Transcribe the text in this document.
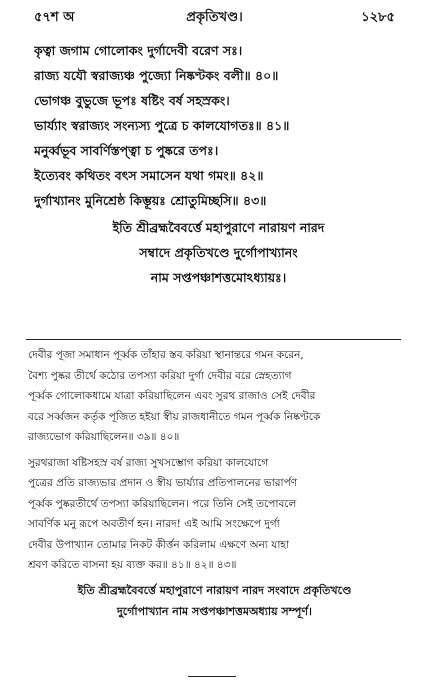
৫৭শ অ	প্রকৃতিখণ্ড।	১২৮৫
কৃত্বা জগাম গোলোকং দুর্গাদেবী বরেণ সঃ।
রাজ্য যযৌ স্বরাজ্যঞ্চ পুজ্যো নিষ্কণ্টকং বলী॥ ৪০॥
ভোগঞ্চ বুভুজে ভূপঃ ষষ্টিং বর্ষ সহস্রকং।
ভার্য্যাং স্বরাজ্যং সংন্যস্য পুত্রে চ কালযোগতঃ॥ ৪১॥
মনুর্ব্বভূব সাবর্ণিস্তপ্ত্বা চ পুষ্করে তপঃ।
ইত্যেবং কথিতং বৎস সমাসেন যথা গমং॥ ৪২॥
দুর্গাখ্যানং মুনিশ্রেষ্ঠ কিম্ভূয়ঃ শ্রোতুমিচ্ছসি॥ ৪৩॥
ইতি শ্রীব্রহ্মবৈবর্ত্তে মহাপুরাণে নারায়ণ নারদ
সম্বাদে প্রকৃতিখণ্ডে দুর্গোপাখ্যানং
নাম সপ্তপঞ্চাশত্তমোঽধ্যায়ঃ।
দেবীর পূজা সমাধান পূর্ব্বক তাঁহার স্তব করিয়া স্থানান্তরে গমন করেন,
বৈশ্য পুষ্কর তীর্থে কঠোর তপস্যা করিয়া দুর্গা দেবীর বরে স্নেহত্যাগ
পূর্ব্বক গোলোকধামে যাত্রা করিয়াছিলেন এবং সুরথ রাজাও সেই দেবীর
বরে সর্ব্বজন কর্তৃক পূজিত হইয়া স্বীয় রাজধানীতে গমন পূর্ব্বক নিষ্কণ্টকে
রাজ্যভোগ করিয়াছিলেন॥ ৩৯॥ ৪০॥
সুরথরাজা ষষ্টিসহস্র বর্ষ রাজ্য সুখসম্ভোগ করিয়া কালযোগে
পুত্রের প্রতি রাজ্যভার প্রদান ও স্বীয় ভার্য্যার প্রতিপালনের ভারার্পণ
পূর্ব্বক পুষ্করতীর্থে তপস্যা করিয়াছিলেন। পরে তিনি সেই তপোবলে
সাবর্ণিক মনু রূপে অবতীর্ণ হন। নারদ! এই আমি সংক্ষেপে দুর্গা
দেবীর উপাখ্যান তোমার নিকট কীর্ত্তন করিলাম এক্ষণে অন্য যাহা
শ্রবণ করিতে বাসনা হয় ব্যক্ত কর॥ ৪১॥ ৪২॥ ৪৩॥
ইতি শ্রীব্রহ্মবৈবর্ত্তে মহাপুরাণে নারায়ণ নারদ সংবাদে প্রকৃতিখণ্ডে
দুর্গোপাখ্যান নাম সপ্তপঞ্চাশত্তমঅধ্যায় সম্পূর্ণ।
